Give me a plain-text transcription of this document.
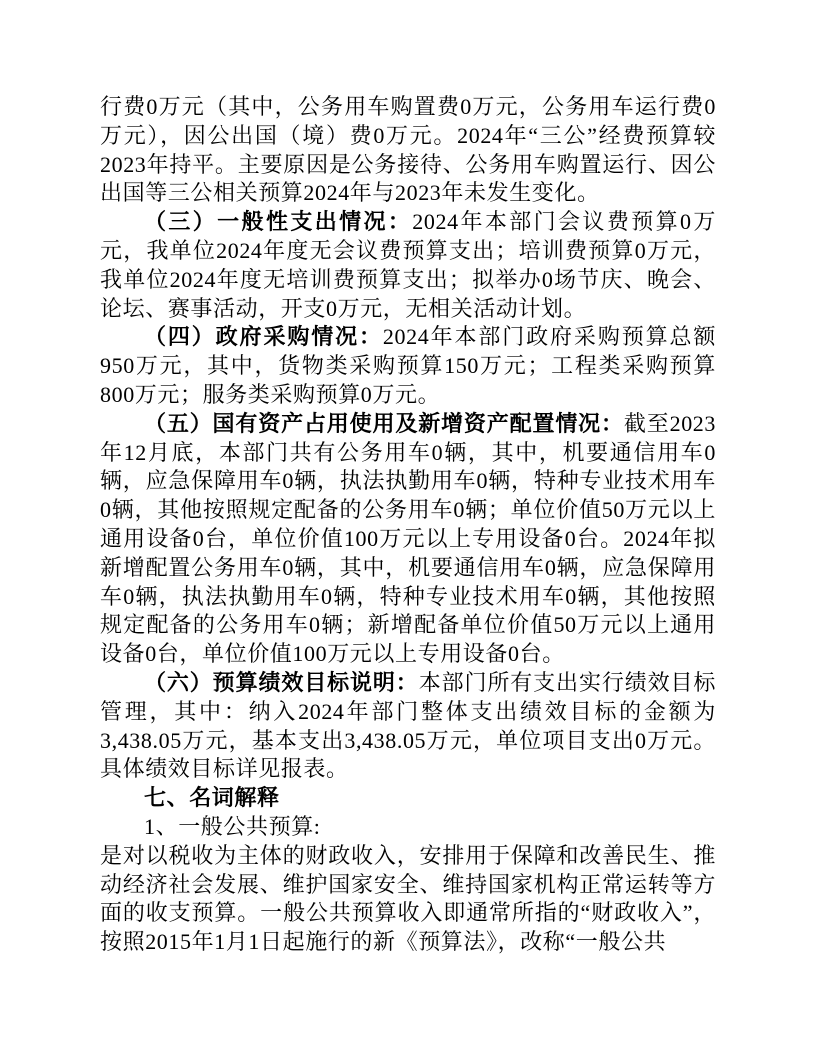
行费0万元（其中，公务用车购置费0万元，公务用车运行费0万元），因公出国（境）费0万元。2024年“三公”经费预算较2023年持平。主要原因是公务接待、公务用车购置运行、因公出国等三公相关预算2024年与2023年未发生变化。

（三）一般性支出情况：2024年本部门会议费预算0万元，我单位2024年度无会议费预算支出；培训费预算0万元，我单位2024年度无培训费预算支出；拟举办0场节庆、晚会、论坛、赛事活动，开支0万元，无相关活动计划。

（四）政府采购情况：2024年本部门政府采购预算总额950万元，其中，货物类采购预算150万元；工程类采购预算800万元；服务类采购预算0万元。

（五）国有资产占用使用及新增资产配置情况：截至2023年12月底，本部门共有公务用车0辆，其中，机要通信用车0辆，应急保障用车0辆，执法执勤用车0辆，特种专业技术用车0辆，其他按照规定配备的公务用车0辆；单位价值50万元以上通用设备0台，单位价值100万元以上专用设备0台。2024年拟新增配置公务用车0辆，其中，机要通信用车0辆，应急保障用车0辆，执法执勤用车0辆，特种专业技术用车0辆，其他按照规定配备的公务用车0辆；新增配备单位价值50万元以上通用设备0台，单位价值100万元以上专用设备0台。

（六）预算绩效目标说明：本部门所有支出实行绩效目标管理，其中：纳入2024年部门整体支出绩效目标的金额为3,438.05万元，基本支出3,438.05万元，单位项目支出0万元。具体绩效目标详见报表。

七、名词解释

1、一般公共预算:

是对以税收为主体的财政收入，安排用于保障和改善民生、推动经济社会发展、维护国家安全、维持国家机构正常运转等方面的收支预算。一般公共预算收入即通常所指的“财政收入”，按照2015年1月1日起施行的新《预算法》，改称“一般公共
